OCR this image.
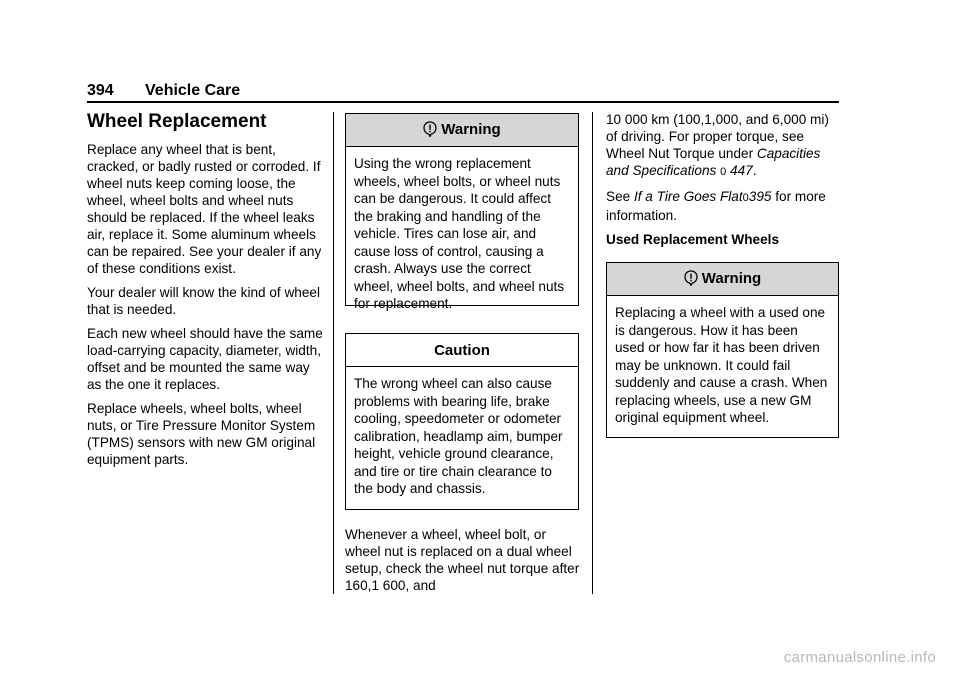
394 Vehicle Care
Wheel Replacement

Replace any wheel that is bent, cracked, or badly rusted or corroded. If wheel nuts keep coming loose, the wheel, wheel bolts and wheel nuts should be replaced. If the wheel leaks air, replace it. Some aluminum wheels can be repaired. See your dealer if any of these conditions exist.

Your dealer will know the kind of wheel that is needed.

Each new wheel should have the same load-carrying capacity, diameter, width, offset and be mounted the same way as the one it replaces.

Replace wheels, wheel bolts, wheel nuts, or Tire Pressure Monitor System (TPMS) sensors with new GM original equipment parts.

Warning
Using the wrong replacement wheels, wheel bolts, or wheel nuts can be dangerous. It could affect the braking and handling of the vehicle. Tires can lose air, and cause loss of control, causing a crash. Always use the correct wheel, wheel bolts, and wheel nuts for replacement.
Caution
The wrong wheel can also cause problems with bearing life, brake cooling, speedometer or odometer calibration, headlamp aim, bumper height, vehicle ground clearance, and tire or tire chain clearance to the body and chassis.

Whenever a wheel, wheel bolt, or wheel nut is replaced on a dual wheel setup, check the wheel nut torque after 160,1 600, and

10 000 km (100,1,000, and 6,000 mi) of driving. For proper torque, see Wheel Nut Torque under Capacities and Specifications 0 447.

See If a Tire Goes Flat0395 for more information.

Used Replacement Wheels

Warning
Replacing a wheel with a used one is dangerous. How it has been used or how far it has been driven may be unknown. It could fail suddenly and cause a crash. When replacing wheels, use a new GM original equipment wheel.
carmanualsonline.info
